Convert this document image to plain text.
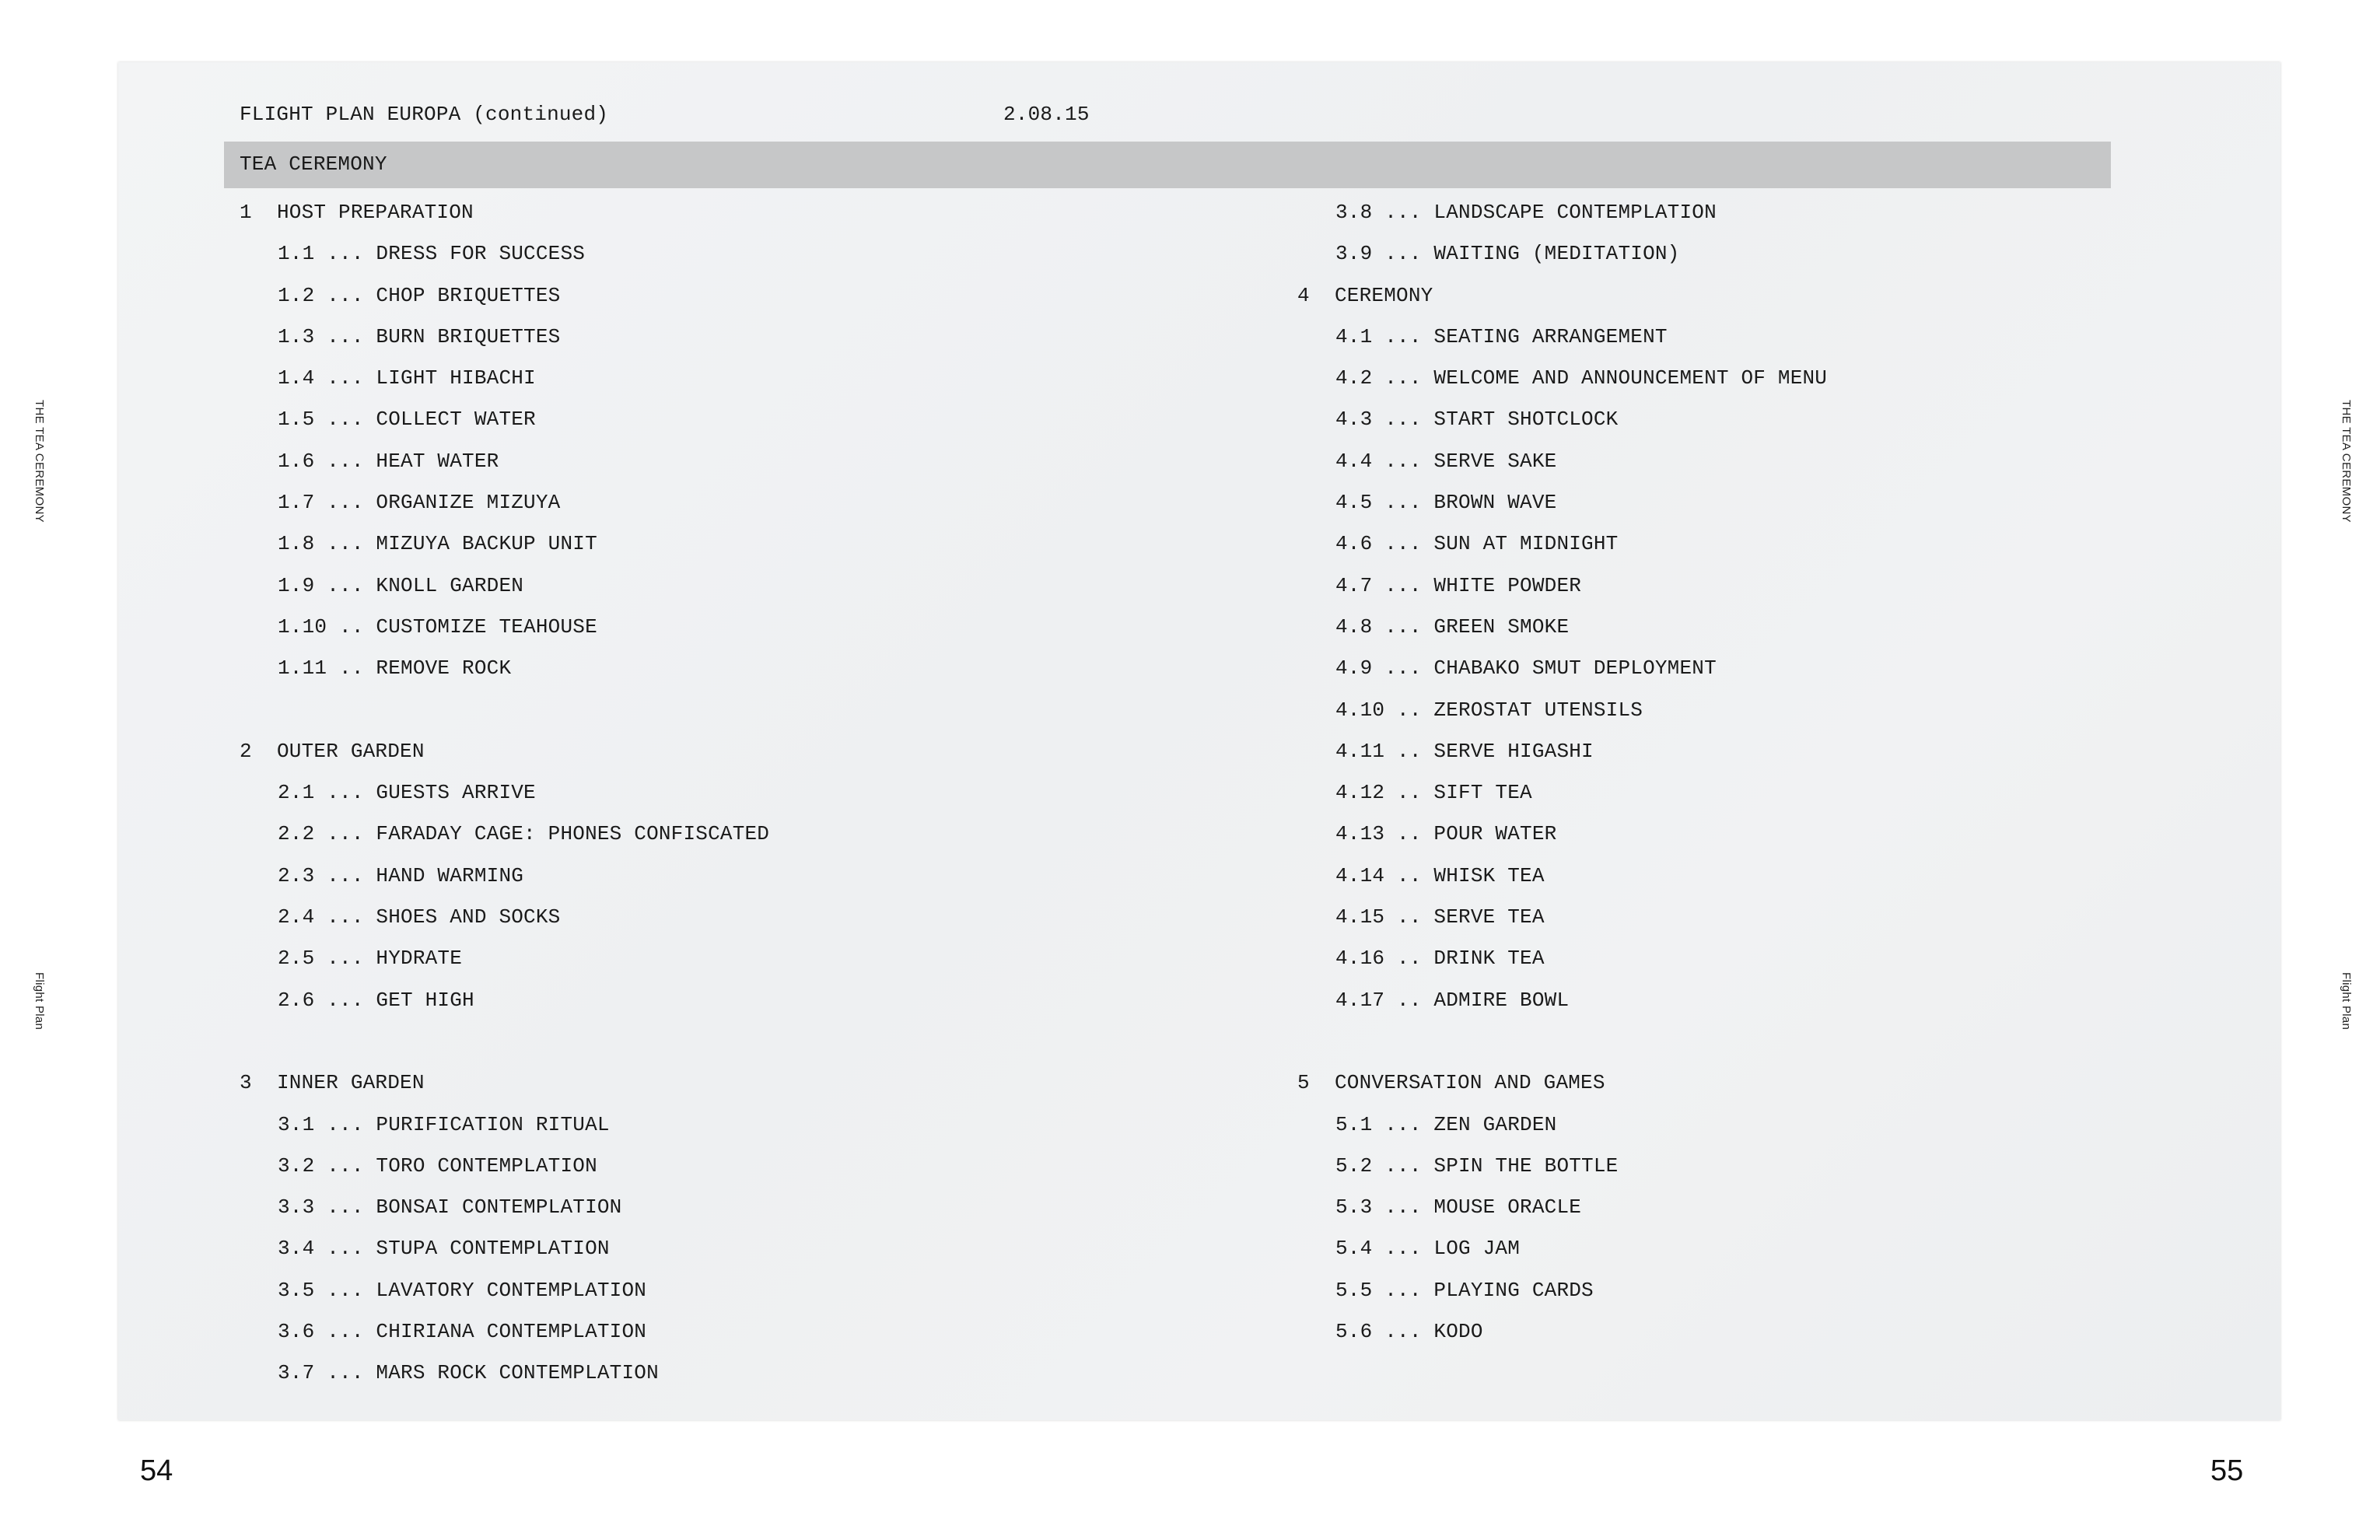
THE TEA CEREMONY
Flight Plan
THE TEA CEREMONY
Flight Plan
FLIGHT PLAN EUROPA (continued)	2.08.15
TEA CEREMONY
1 HOST PREPARATION
1.1 ... DRESS FOR SUCCESS
1.2 ... CHOP BRIQUETTES
1.3 ... BURN BRIQUETTES
1.4 ... LIGHT HIBACHI
1.5 ... COLLECT WATER
1.6 ... HEAT WATER
1.7 ... ORGANIZE MIZUYA
1.8 ... MIZUYA BACKUP UNIT
1.9 ... KNOLL GARDEN
1.10 .. CUSTOMIZE TEAHOUSE
1.11 .. REMOVE ROCK
2 OUTER GARDEN
2.1 ... GUESTS ARRIVE
2.2 ... FARADAY CAGE: PHONES CONFISCATED
2.3 ... HAND WARMING
2.4 ... SHOES AND SOCKS
2.5 ... HYDRATE
2.6 ... GET HIGH
3 INNER GARDEN
3.1 ... PURIFICATION RITUAL
3.2 ... TORO CONTEMPLATION
3.3 ... BONSAI CONTEMPLATION
3.4 ... STUPA CONTEMPLATION
3.5 ... LAVATORY CONTEMPLATION
3.6 ... CHIRIANA CONTEMPLATION
3.7 ... MARS ROCK CONTEMPLATION
3.8 ... LANDSCAPE CONTEMPLATION
3.9 ... WAITING (MEDITATION)
4 CEREMONY
4.1 ... SEATING ARRANGEMENT
4.2 ... WELCOME AND ANNOUNCEMENT OF MENU
4.3 ... START SHOTCLOCK
4.4 ... SERVE SAKE
4.5 ... BROWN WAVE
4.6 ... SUN AT MIDNIGHT
4.7 ... WHITE POWDER
4.8 ... GREEN SMOKE
4.9 ... CHABAKO SMUT DEPLOYMENT
4.10 .. ZEROSTAT UTENSILS
4.11 .. SERVE HIGASHI
4.12 .. SIFT TEA
4.13 .. POUR WATER
4.14 .. WHISK TEA
4.15 .. SERVE TEA
4.16 .. DRINK TEA
4.17 .. ADMIRE BOWL
5 CONVERSATION AND GAMES
5.1 ... ZEN GARDEN
5.2 ... SPIN THE BOTTLE
5.3 ... MOUSE ORACLE
5.4 ... LOG JAM
5.5 ... PLAYING CARDS
5.6 ... KODO
54	55
